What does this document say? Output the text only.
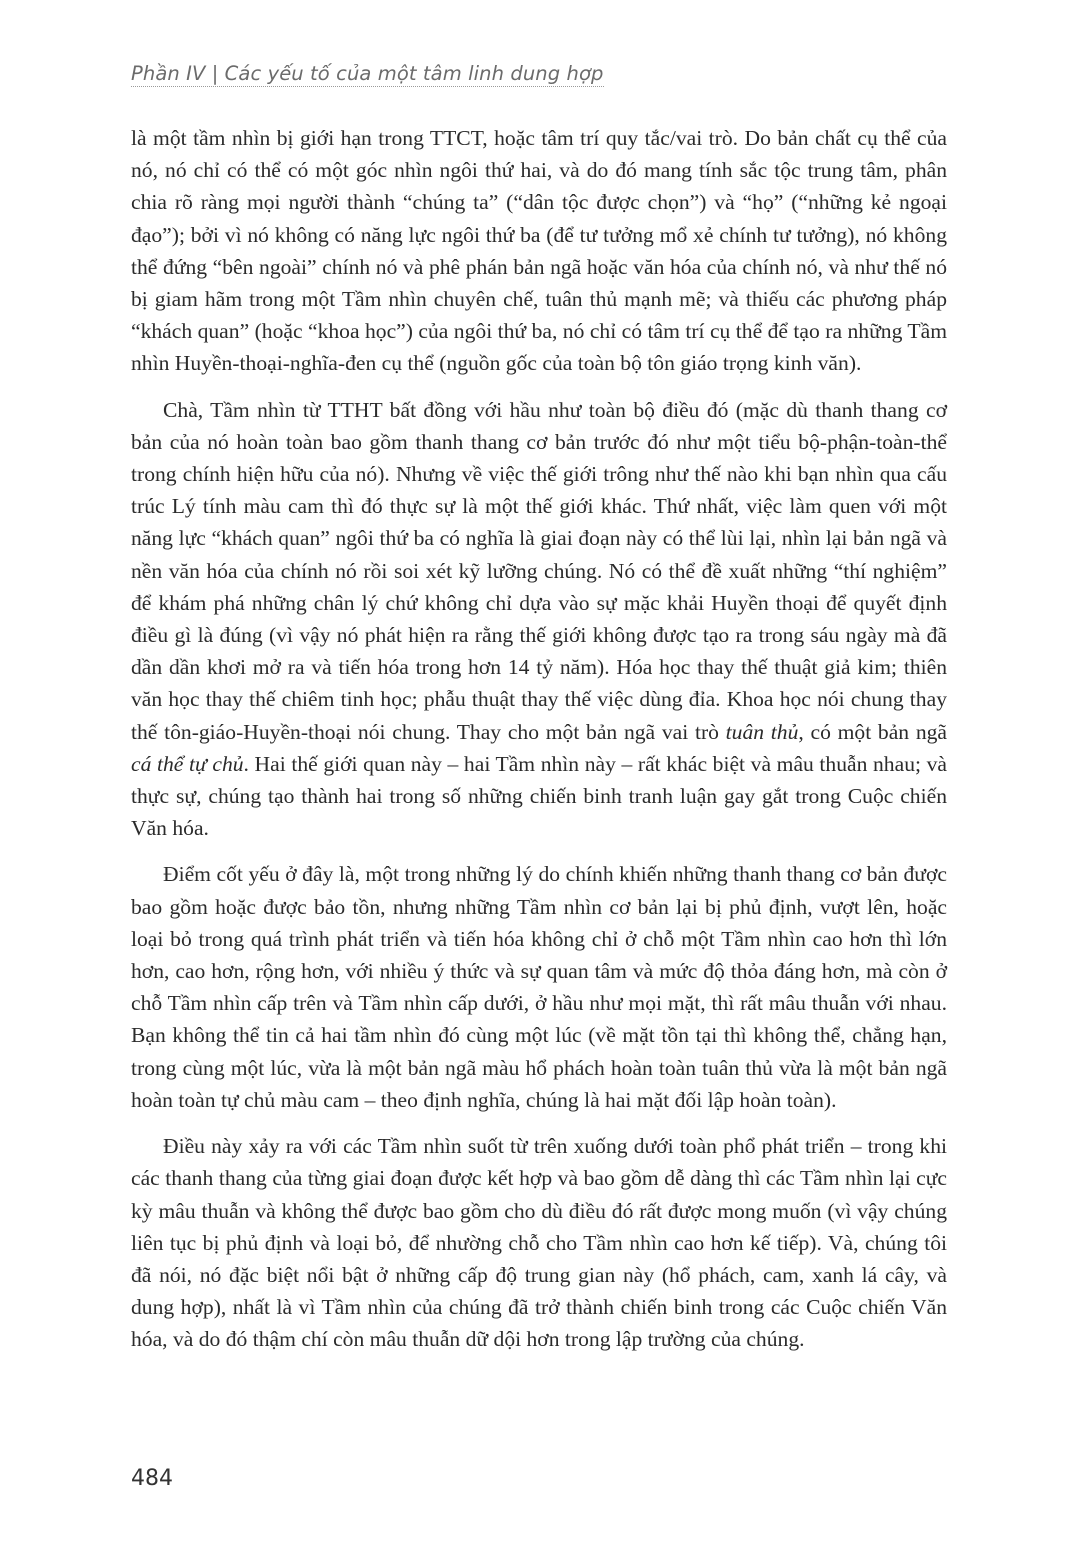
Phần IV | Các yếu tố của một tâm linh dung hợp

là một tầm nhìn bị giới hạn trong TTCT, hoặc tâm trí quy tắc/vai trò. Do bản chất cụ thể của nó, nó chỉ có thể có một góc nhìn ngôi thứ hai, và do đó mang tính sắc tộc trung tâm, phân chia rõ ràng mọi người thành “chúng ta” (“dân tộc được chọn”) và “họ” (“những kẻ ngoại đạo”); bởi vì nó không có năng lực ngôi thứ ba (để tư tưởng mổ xẻ chính tư tưởng), nó không thể đứng “bên ngoài” chính nó và phê phán bản ngã hoặc văn hóa của chính nó, và như thế nó bị giam hãm trong một Tầm nhìn chuyên chế, tuân thủ mạnh mẽ; và thiếu các phương pháp “khách quan” (hoặc “khoa học”) của ngôi thứ ba, nó chỉ có tâm trí cụ thể để tạo ra những Tầm nhìn Huyền-thoại-nghĩa-đen cụ thể (nguồn gốc của toàn bộ tôn giáo trọng kinh văn).

Chà, Tầm nhìn từ TTHT bất đồng với hầu như toàn bộ điều đó (mặc dù thanh thang cơ bản của nó hoàn toàn bao gồm thanh thang cơ bản trước đó như một tiểu bộ-phận-toàn-thể trong chính hiện hữu của nó). Nhưng về việc thế giới trông như thế nào khi bạn nhìn qua cấu trúc Lý tính màu cam thì đó thực sự là một thế giới khác. Thứ nhất, việc làm quen với một năng lực “khách quan” ngôi thứ ba có nghĩa là giai đoạn này có thể lùi lại, nhìn lại bản ngã và nền văn hóa của chính nó rồi soi xét kỹ lưỡng chúng. Nó có thể đề xuất những “thí nghiệm” để khám phá những chân lý chứ không chỉ dựa vào sự mặc khải Huyền thoại để quyết định điều gì là đúng (vì vậy nó phát hiện ra rằng thế giới không được tạo ra trong sáu ngày mà đã dần dần khơi mở ra và tiến hóa trong hơn 14 tỷ năm). Hóa học thay thế thuật giả kim; thiên văn học thay thế chiêm tinh học; phẫu thuật thay thế việc dùng đỉa. Khoa học nói chung thay thế tôn-giáo-Huyền-thoại nói chung. Thay cho một bản ngã vai trò tuân thủ, có một bản ngã cá thể tự chủ. Hai thế giới quan này – hai Tầm nhìn này – rất khác biệt và mâu thuẫn nhau; và thực sự, chúng tạo thành hai trong số những chiến binh tranh luận gay gắt trong Cuộc chiến Văn hóa.

Điểm cốt yếu ở đây là, một trong những lý do chính khiến những thanh thang cơ bản được bao gồm hoặc được bảo tồn, nhưng những Tầm nhìn cơ bản lại bị phủ định, vượt lên, hoặc loại bỏ trong quá trình phát triển và tiến hóa không chỉ ở chỗ một Tầm nhìn cao hơn thì lớn hơn, cao hơn, rộng hơn, với nhiều ý thức và sự quan tâm và mức độ thỏa đáng hơn, mà còn ở chỗ Tầm nhìn cấp trên và Tầm nhìn cấp dưới, ở hầu như mọi mặt, thì rất mâu thuẫn với nhau. Bạn không thể tin cả hai tầm nhìn đó cùng một lúc (về mặt tồn tại thì không thể, chẳng hạn, trong cùng một lúc, vừa là một bản ngã màu hổ phách hoàn toàn tuân thủ vừa là một bản ngã hoàn toàn tự chủ màu cam – theo định nghĩa, chúng là hai mặt đối lập hoàn toàn).

Điều này xảy ra với các Tầm nhìn suốt từ trên xuống dưới toàn phổ phát triển – trong khi các thanh thang của từng giai đoạn được kết hợp và bao gồm dễ dàng thì các Tầm nhìn lại cực kỳ mâu thuẫn và không thể được bao gồm cho dù điều đó rất được mong muốn (vì vậy chúng liên tục bị phủ định và loại bỏ, để nhường chỗ cho Tầm nhìn cao hơn kế tiếp). Và, chúng tôi đã nói, nó đặc biệt nổi bật ở những cấp độ trung gian này (hổ phách, cam, xanh lá cây, và dung hợp), nhất là vì Tầm nhìn của chúng đã trở thành chiến binh trong các Cuộc chiến Văn hóa, và do đó thậm chí còn mâu thuẫn dữ dội hơn trong lập trường của chúng.

484
